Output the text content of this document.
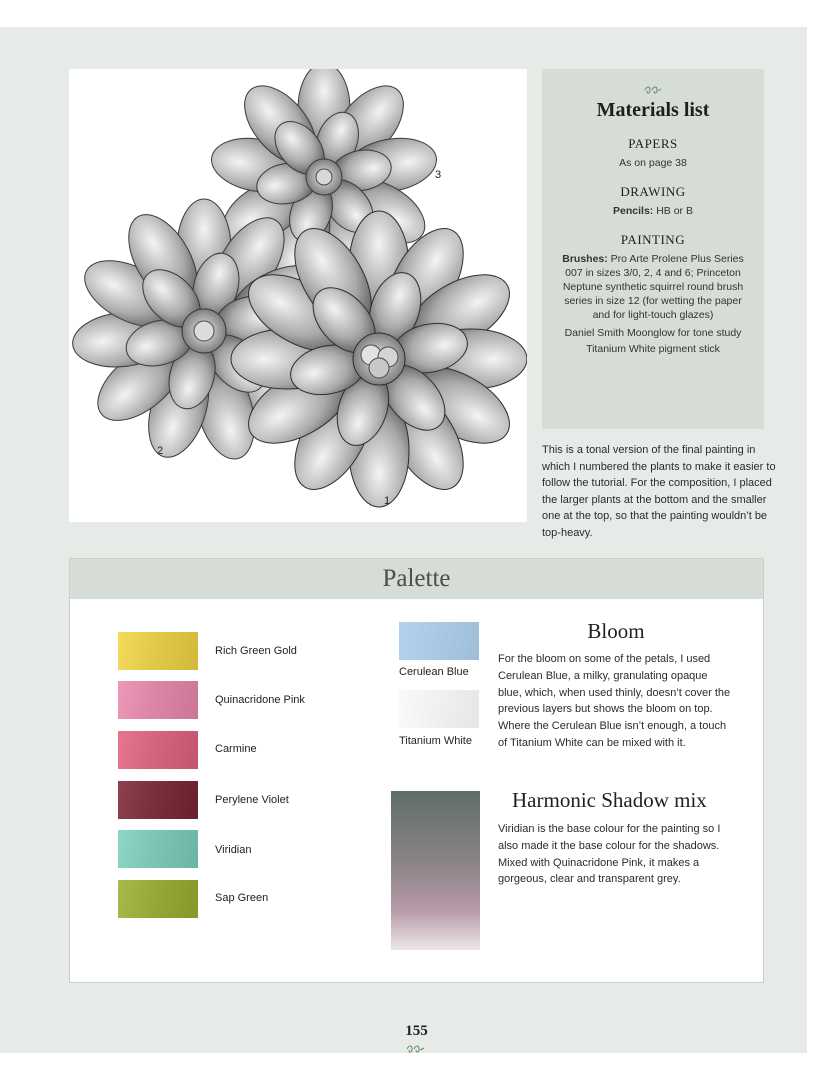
1
2
3
Materials list
PAPERS
As on page 38
DRAWING
Pencils: HB or B
PAINTING
Brushes: Pro Arte Prolene Plus Series 007 in sizes 3/0, 2, 4 and 6; Princeton Neptune synthetic squirrel round brush series in size 12 (for wetting the paper and for light-touch glazes)
Daniel Smith Moonglow for tone study
Titanium White pigment stick

This is a tonal version of the final painting in which I numbered the plants to make it easier to follow the tutorial. For the composition, I placed the larger plants at the bottom and the smaller one at the top, so that the painting wouldn’t be top-heavy.

Palette
Rich Green Gold
Quinacridone Pink
Carmine
Perylene Violet
Viridian
Sap Green
Cerulean Blue
Titanium White
Bloom

For the bloom on some of the petals, I used Cerulean Blue, a milky, granulating opaque blue, which, when used thinly, doesn’t cover the previous layers but shows the bloom on top. Where the Cerulean Blue isn’t enough, a touch of Titanium White can be mixed with it.

Harmonic Shadow mix

Viridian is the base colour for the painting so I also made it the base colour for the shadows. Mixed with Quinacridone Pink, it makes a gorgeous, clear and transparent grey.

155
